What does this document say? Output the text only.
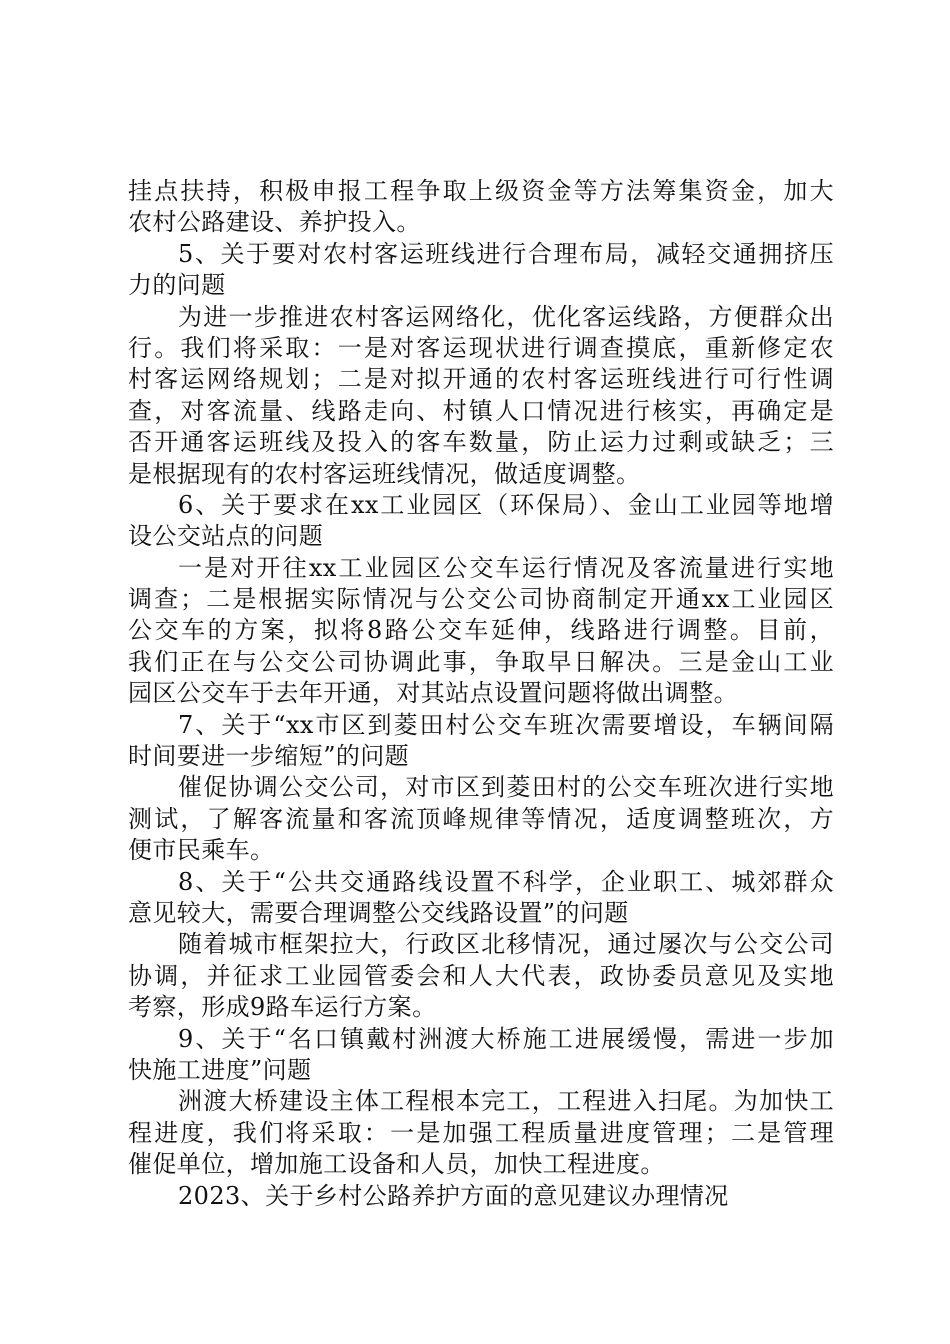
挂点扶持，积极申报工程争取上级资金等方法筹集资金，加大
农村公路建设、养护投入。
5、关于要对农村客运班线进行合理布局，减轻交通拥挤压
力的问题
为进一步推进农村客运网络化，优化客运线路，方便群众出
行。我们将采取：一是对客运现状进行调查摸底，重新修定农
村客运网络规划；二是对拟开通的农村客运班线进行可行性调
查，对客流量、线路走向、村镇人口情况进行核实，再确定是
否开通客运班线及投入的客车数量，防止运力过剩或缺乏；三
是根据现有的农村客运班线情况，做适度调整。
6、关于要求在xx工业园区（环保局）、金山工业园等地增
设公交站点的问题
一是对开往xx工业园区公交车运行情况及客流量进行实地
调查；二是根据实际情况与公交公司协商制定开通xx工业园区
公交车的方案，拟将8路公交车延伸，线路进行调整。目前，
我们正在与公交公司协调此事，争取早日解决。三是金山工业
园区公交车于去年开通，对其站点设置问题将做出调整。
7、关于“xx市区到菱田村公交车班次需要增设，车辆间隔
时间要进一步缩短”的问题
催促协调公交公司，对市区到菱田村的公交车班次进行实地
测试，了解客流量和客流顶峰规律等情况，适度调整班次，方
便市民乘车。
8、关于“公共交通路线设置不科学，企业职工、城郊群众
意见较大，需要合理调整公交线路设置”的问题
随着城市框架拉大，行政区北移情况，通过屡次与公交公司
协调，并征求工业园管委会和人大代表，政协委员意见及实地
考察，形成9路车运行方案。
9、关于“名口镇戴村洲渡大桥施工进展缓慢，需进一步加
快施工进度”问题
洲渡大桥建设主体工程根本完工，工程进入扫尾。为加快工
程进度，我们将采取：一是加强工程质量进度管理；二是管理
催促单位，增加施工设备和人员，加快工程进度。
2023、关于乡村公路养护方面的意见建议办理情况
